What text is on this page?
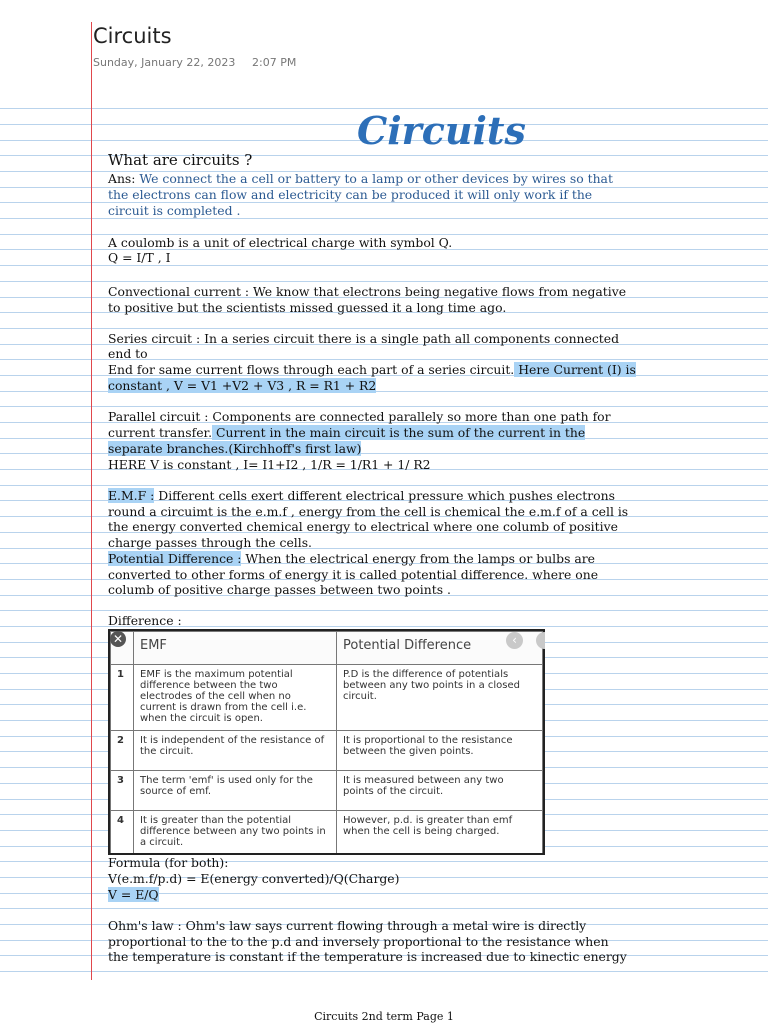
Circuits
Sunday, January 22, 2023 2:07 PM
Circuits
What are circuits ?
Ans: We connect the a cell or battery to a lamp or other devices by wires so that
the electrons can flow and electricity can be produced it will only work if the
circuit is completed .
A coulomb is a unit of electrical charge with symbol Q.
Q = I/T , I
Convectional current : We know that electrons being negative flows from negative
to positive but the scientists missed guessed it a long time ago.
Series circuit : In a series circuit there is a single path all components connected
end to
End for same current flows through each part of a series circuit. Here Current (I) is
constant , V = V1 +V2 + V3 , R = R1 + R2
Parallel circuit : Components are connected parallely so more than one path for
current transfer. Current in the main circuit is the sum of the current in the
separate branches.(Kirchhoff's first law)
HERE V is constant , I= I1+I2 , 1/R = 1/R1 + 1/ R2
E.M.F : Different cells exert different electrical pressure which pushes electrons
round a circuimt is the e.m.f , energy from the cell is chemical the e.m.f of a cell is
the energy converted chemical energy to electrical where one columb of positive
charge passes through the cells.
Potential Difference : When the electrical energy from the lamps or bulbs are
converted to other forms of energy it is called potential difference. where one
columb of positive charge passes between two points .
Difference :
	EMF	Potential Difference
1	EMF is the maximum potential difference between the two electrodes of the cell when no current is drawn from the cell i.e. when the circuit is open.	P.D is the difference of potentials between any two points in a closed circuit.
2	It is independent of the resistance of the circuit.	It is proportional to the resistance between the given points.
3	The term 'emf' is used only for the source of emf.	It is measured between any two points of the circuit.
4	It is greater than the potential difference between any two points in a circuit.	However, p.d. is greater than emf when the cell is being charged.
✕	‹
Formula (for both):
V(e.m.f/p.d) = E(energy converted)/Q(Charge)
V = E/Q
Ohm's law : Ohm's law says current flowing through a metal wire is directly
proportional to the to the p.d and inversely proportional to the resistance when
the temperature is constant if the temperature is increased due to kinectic energy
Circuits 2nd term Page 1
